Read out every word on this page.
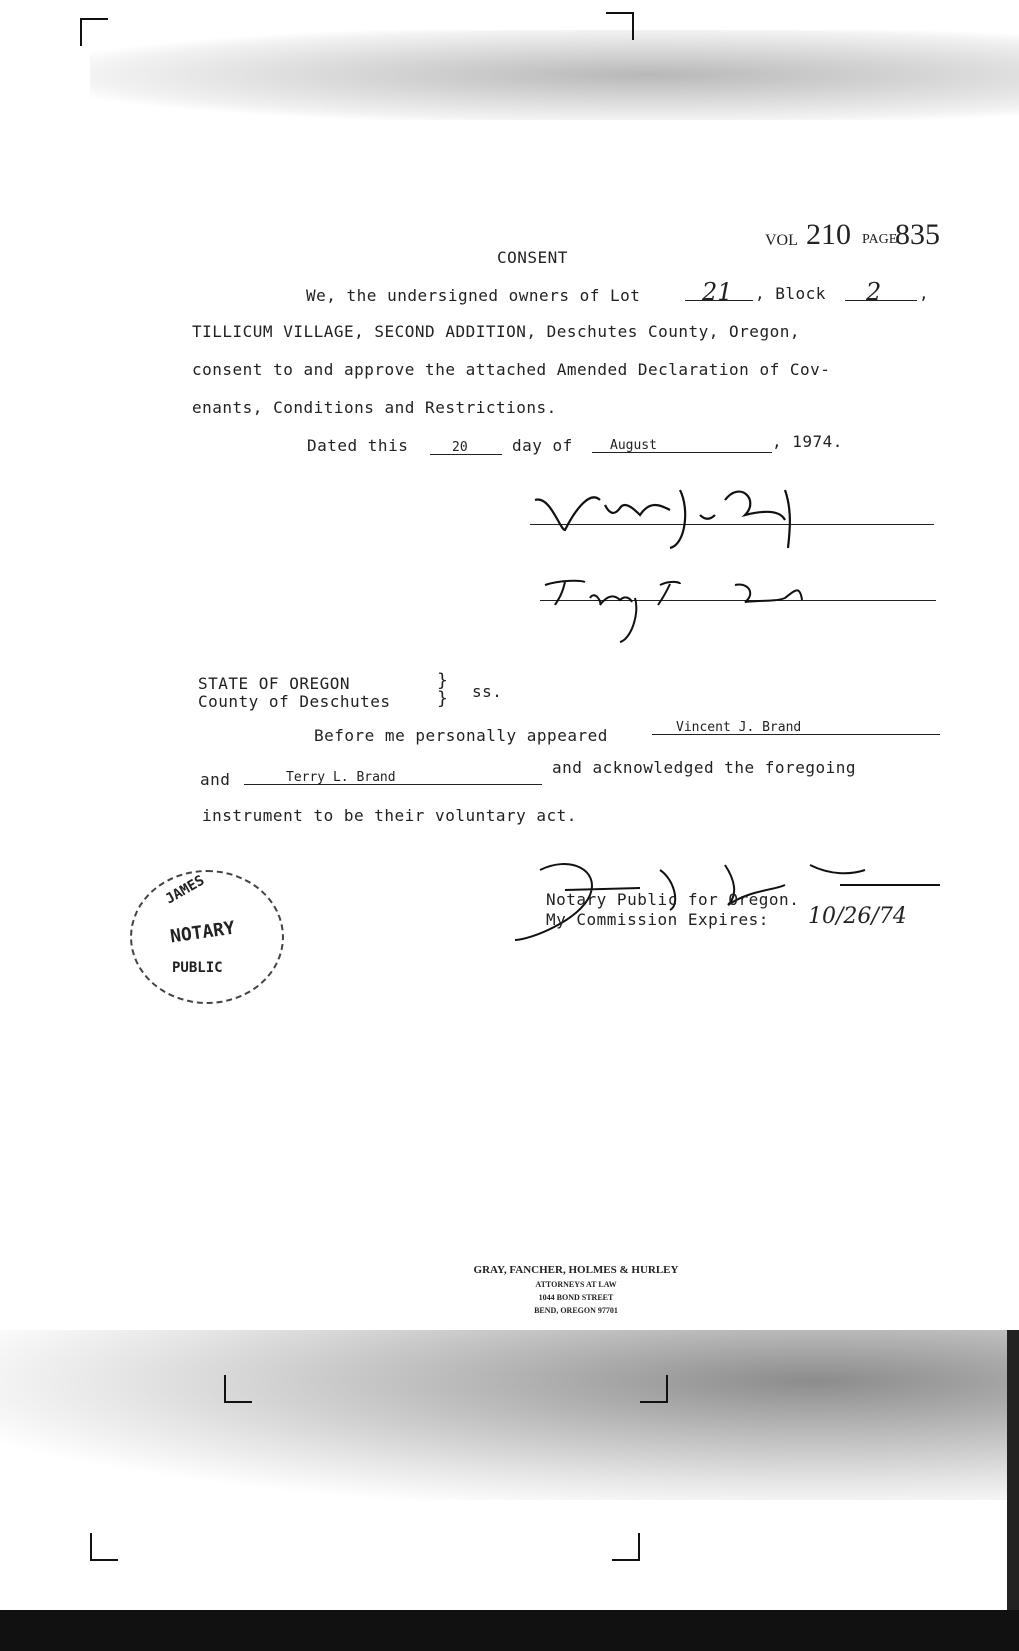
VOL 210 PAGE
835
CONSENT
We, the undersigned owners of Lot	21 , Block 2 ,
TILLICUM VILLAGE, SECOND ADDITION, Deschutes County, Oregon,
consent to and approve the attached Amended Declaration of Cov-
enants, Conditions and Restrictions.
Dated this	20	day of	August	, 1974.
STATE OF OREGON
County of Deschutes
}
} ss.
Before me personally appeared	Vincent J. Brand
and	Terry L. Brand
and acknowledged the foregoing
instrument to be their voluntary act.
Notary Public for Oregon.
My Commission Expires: 10/26/74
JAMES
NOTARY
PUBLIC
GRAY, FANCHER, HOLMES & HURLEY
ATTORNEYS AT LAW
1044 BOND STREET
BEND, OREGON 97701
